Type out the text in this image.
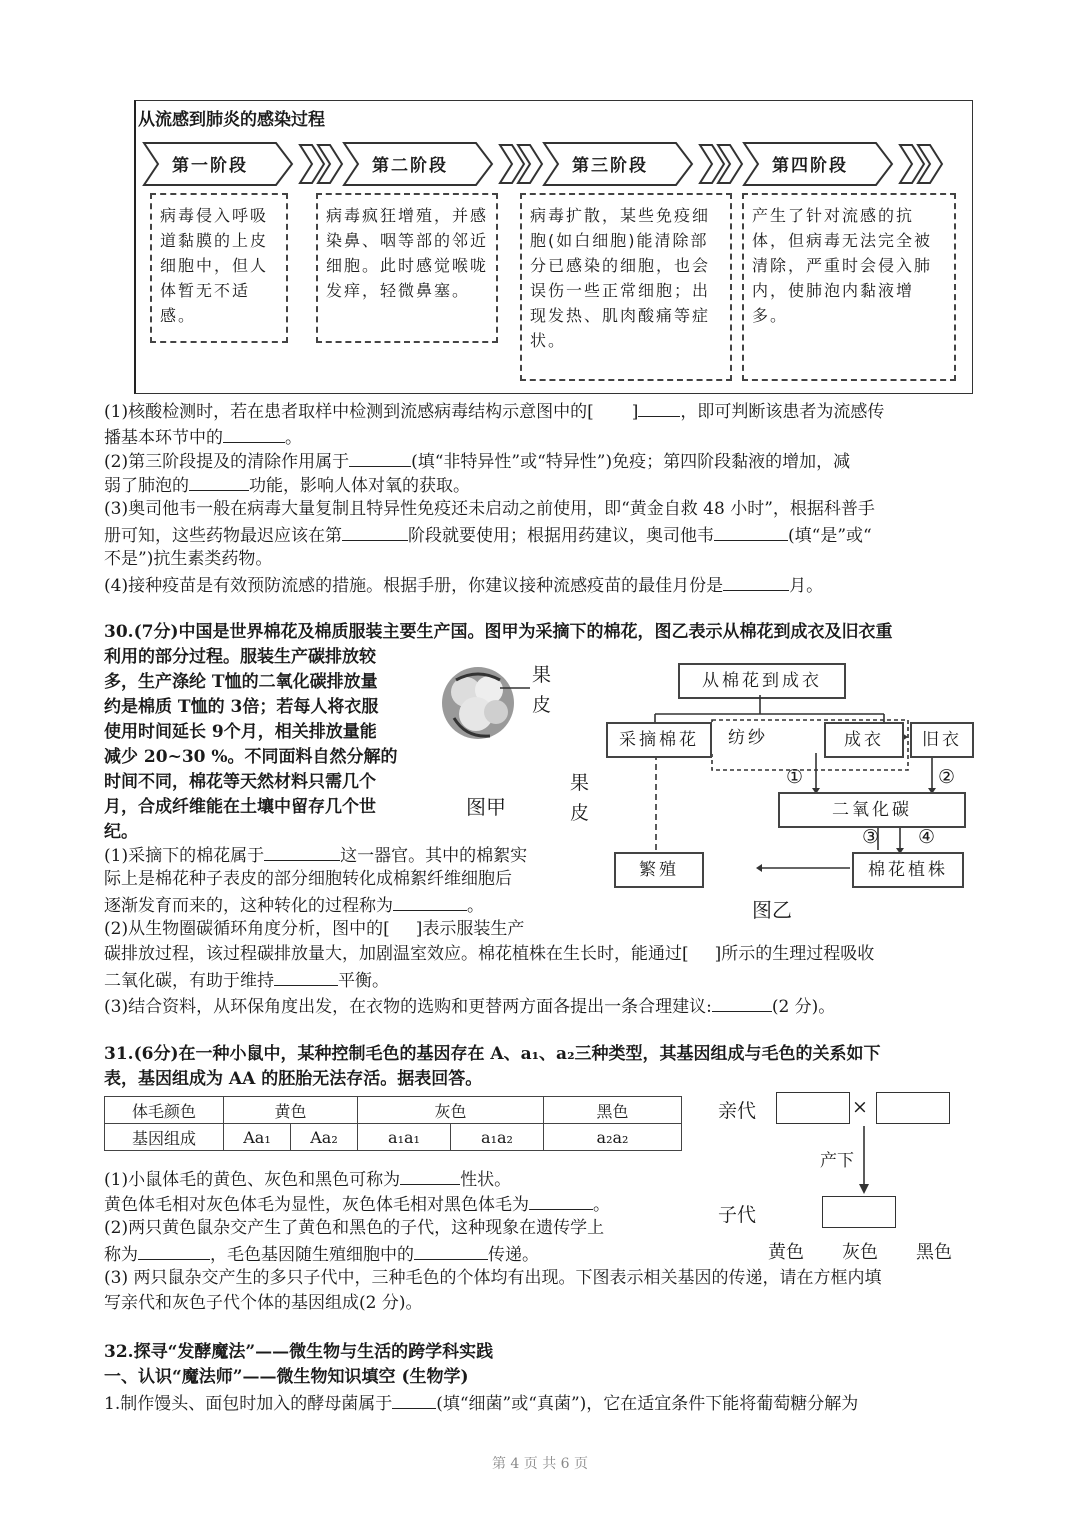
从流感到肺炎的感染过程
第一阶段	第二阶段	第三阶段	第四阶段
病毒侵入呼吸道黏膜的上皮细胞中，但人体暂无不适感。
病毒疯狂增殖，并感染鼻、咽等部的邻近细胞。此时感觉喉咙发痒，轻微鼻塞。
病毒扩散，某些免疫细胞(如白细胞)能清除部分已感染的细胞，也会误伤一些正常细胞；出现发热、肌肉酸痛等症状。
产生了针对流感的抗体，但病毒无法完全被清除，严重时会侵入肺内，使肺泡内黏液增多。
(1)核酸检测时，若在患者取样中检测到流感病毒结构示意图中的[ ] ，即可判断该患者为流感传
播基本环节中的	。
(2)第三阶段提及的清除作用属于	(填“非特异性”或“特异性”)免疫；第四阶段黏液的增加，减
弱了肺泡的	功能，影响人体对氧的获取。
(3)奥司他韦一般在病毒大量复制且特异性免疫还未启动之前使用，即“黄金自救 48 小时”，根据科普手
册可知，这些药物最迟应该在第	阶段就要使用；根据用药建议，奥司他韦	(填“是”或“
不是”)抗生素类药物。
(4)接种疫苗是有效预防流感的措施。根据手册，你建议接种流感疫苗的最佳月份是	月。
30.(7分)中国是世界棉花及棉质服装主要生产国。图甲为采摘下的棉花，图乙表示从棉花到成衣及旧衣重
利用的部分过程。服装生产碳排放较
多，生产涤纶 T恤的二氧化碳排放量
约是棉质 T恤的 3倍；若每人将衣服
使用时间延长 9个月，相关排放量能
减少 20~30 %。不同面料自然分解的
时间不同，棉花等天然材料只需几个
月，合成纤维能在土壤中留存几个世
纪。
果
皮
果
皮
图甲
从棉花到成衣
采摘棉花	纺纱	成衣	旧衣
①	②
二氧化碳
③ ④
繁殖	棉花植株
图乙
(1)采摘下的棉花属于	这一器官。其中的棉絮实
际上是棉花种子表皮的部分细胞转化成棉絮纤维细胞后
逐渐发育而来的，这种转化的过程称为	。
(2)从生物圈碳循环角度分析，图中的[ ]表示服装生产
碳排放过程，该过程碳排放量大，加剧温室效应。棉花植株在生长时，能通过[ ]所示的生理过程吸收
二氧化碳，有助于维持	平衡。
(3)结合资料，从环保角度出发，在衣物的选购和更替两方面各提出一条合理建议:	(2 分)。
31.(6分)在一种小鼠中，某种控制毛色的基因存在 A、a₁、a₂三种类型，其基因组成与毛色的关系如下
表，基因组成为 AA 的胚胎无法存活。据表回答。
体毛颜色	黄色		灰色		黑色
基因组成	Aa₁	Aa₂	a₁a₁	a₁a₂	a₂a₂
亲代	×
产下
子代
黄色 灰色 黑色
(1)小鼠体毛的黄色、灰色和黑色可称为	性状。
黄色体毛相对灰色体毛为显性，灰色体毛相对黑色体毛为	。
(2)两只黄色鼠杂交产生了黄色和黑色的子代，这种现象在遗传学上
称为	，毛色基因随生殖细胞中的	传递。
(3) 两只鼠杂交产生的多只子代中，三种毛色的个体均有出现。下图表示相关基因的传递，请在方框内填
写亲代和灰色子代个体的基因组成(2 分)。
32.探寻“发酵魔法”——微生物与生活的跨学科实践
一、认识“魔法师”——微生物知识填空 (生物学)
1.制作馒头、面包时加入的酵母菌属于	(填“细菌”或“真菌”)，它在适宜条件下能将葡萄糖分解为
第 4 页 共 6 页
